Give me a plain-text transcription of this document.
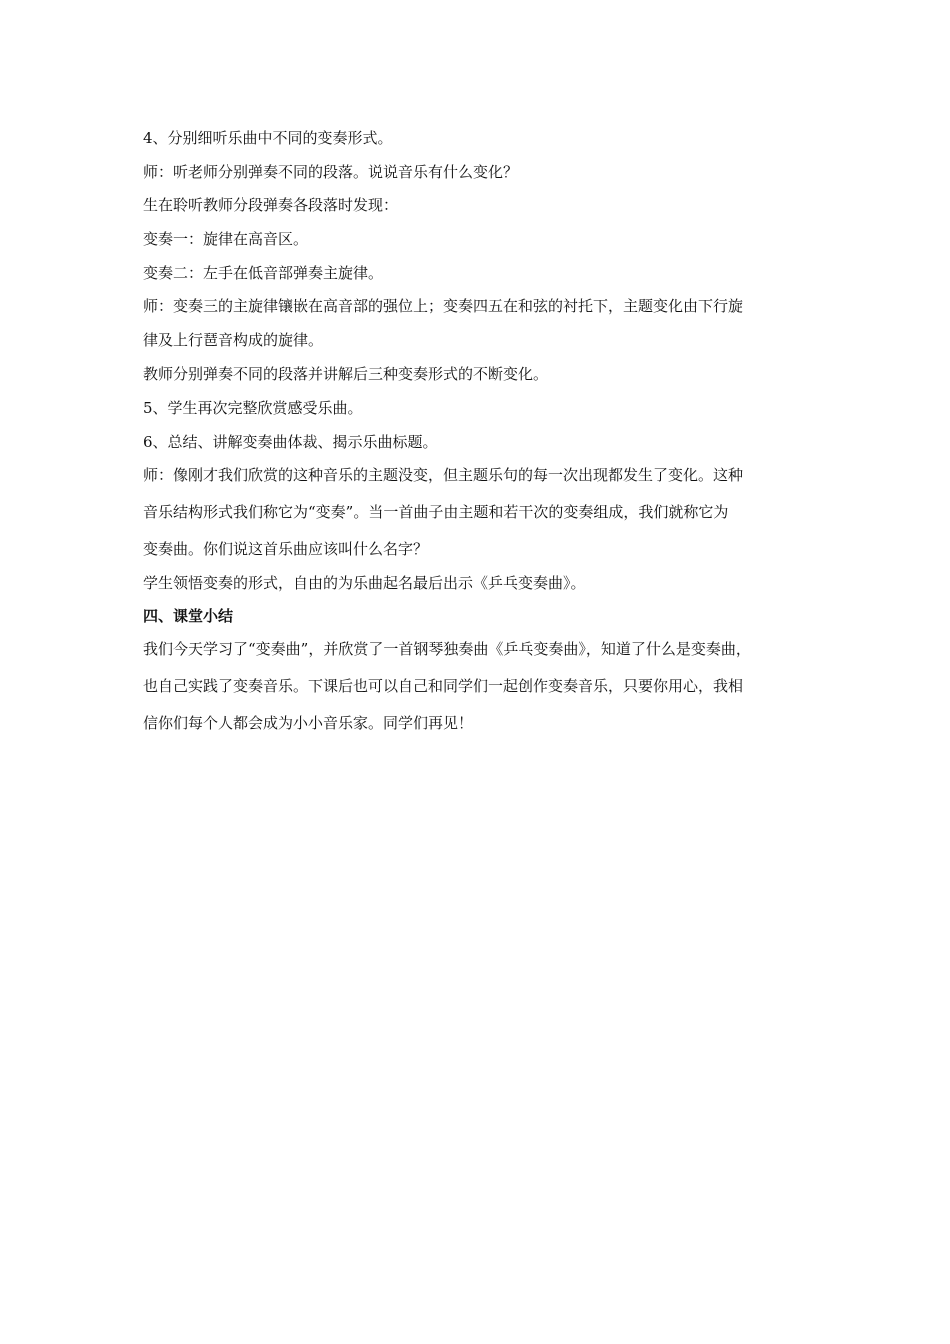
4、分别细听乐曲中不同的变奏形式。
师：听老师分别弹奏不同的段落。说说音乐有什么变化？
生在聆听教师分段弹奏各段落时发现：
变奏一：旋律在高音区。
变奏二：左手在低音部弹奏主旋律。
师：变奏三的主旋律镶嵌在高音部的强位上；变奏四五在和弦的衬托下，主题变化由下行旋
律及上行琶音构成的旋律。
教师分别弹奏不同的段落并讲解后三种变奏形式的不断变化。
5、学生再次完整欣赏感受乐曲。
6、总结、讲解变奏曲体裁、揭示乐曲标题。
师：像刚才我们欣赏的这种音乐的主题没变，但主题乐句的每一次出现都发生了变化。这种
音乐结构形式我们称它为“变奏”。当一首曲子由主题和若干次的变奏组成，我们就称它为
变奏曲。你们说这首乐曲应该叫什么名字？
学生领悟变奏的形式，自由的为乐曲起名最后出示《乒乓变奏曲》。
四、课堂小结
我们今天学习了“变奏曲”，并欣赏了一首钢琴独奏曲《乒乓变奏曲》，知道了什么是变奏曲，
也自己实践了变奏音乐。下课后也可以自己和同学们一起创作变奏音乐，只要你用心，我相
信你们每个人都会成为小小音乐家。同学们再见！
